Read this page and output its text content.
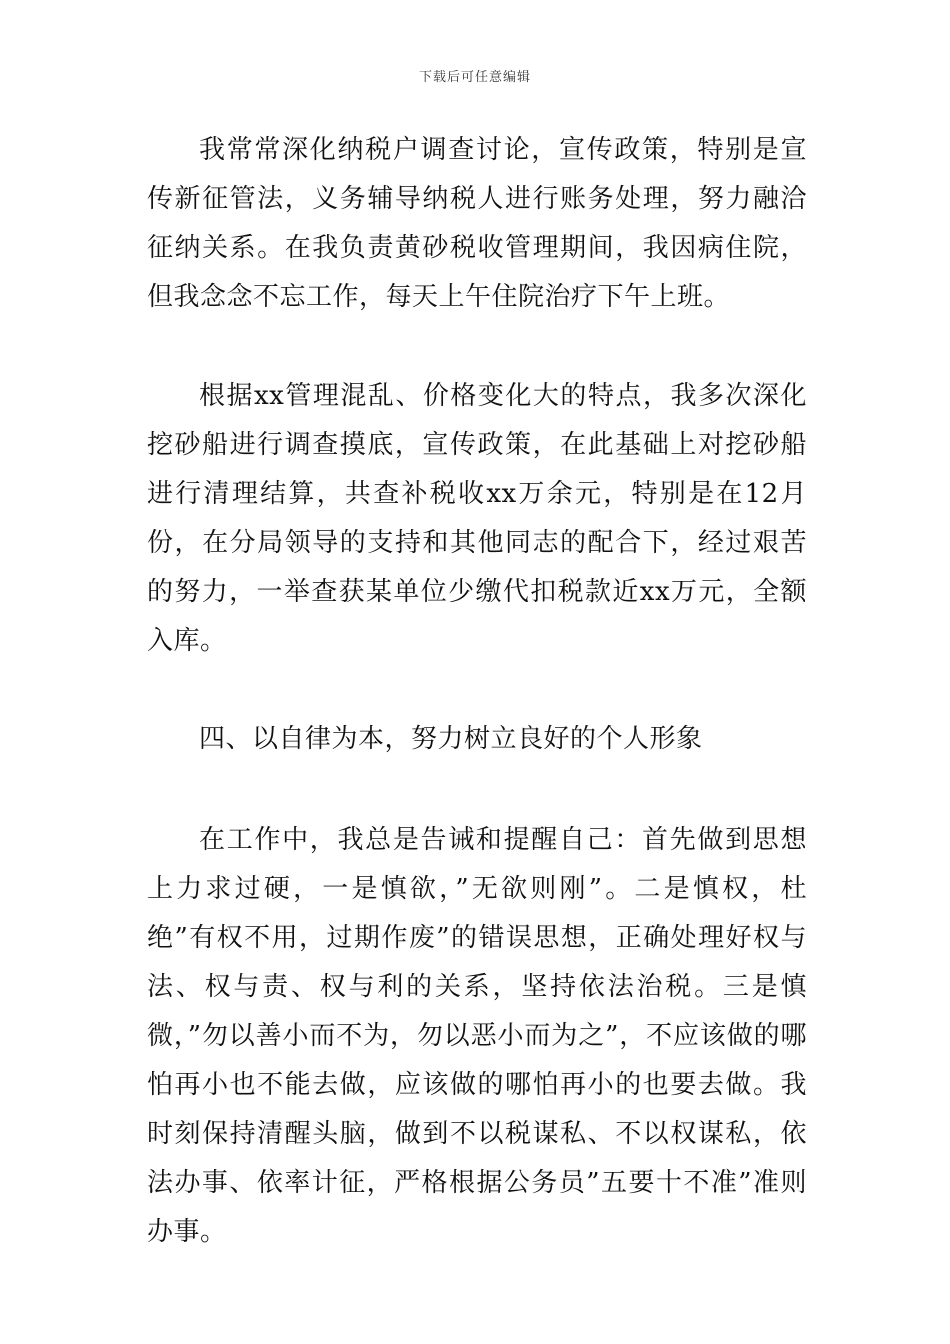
下载后可任意编辑

我常常深化纳税户调查讨论，宣传政策，特别是宣传新征管法，义务辅导纳税人进行账务处理，努力融洽征纳关系。在我负责黄砂税收管理期间，我因病住院，但我念念不忘工作，每天上午住院治疗下午上班。

根据xx管理混乱、价格变化大的特点，我多次深化挖砂船进行调查摸底，宣传政策，在此基础上对挖砂船进行清理结算，共查补税收xx万余元，特别是在12月份，在分局领导的支持和其他同志的配合下，经过艰苦的努力，一举查获某单位少缴代扣税款近xx万元，全额入库。

四、以自律为本，努力树立良好的个人形象

在工作中，我总是告诫和提醒自己：首先做到思想上力求过硬，一是慎欲，”无欲则刚”。二是慎权，杜绝”有权不用，过期作废”的错误思想，正确处理好权与法、权与责、权与利的关系，坚持依法治税。三是慎微，”勿以善小而不为，勿以恶小而为之”，不应该做的哪怕再小也不能去做，应该做的哪怕再小的也要去做。我时刻保持清醒头脑，做到不以税谋私、不以权谋私，依法办事、依率计征，严格根据公务员”五要十不准”准则办事。
